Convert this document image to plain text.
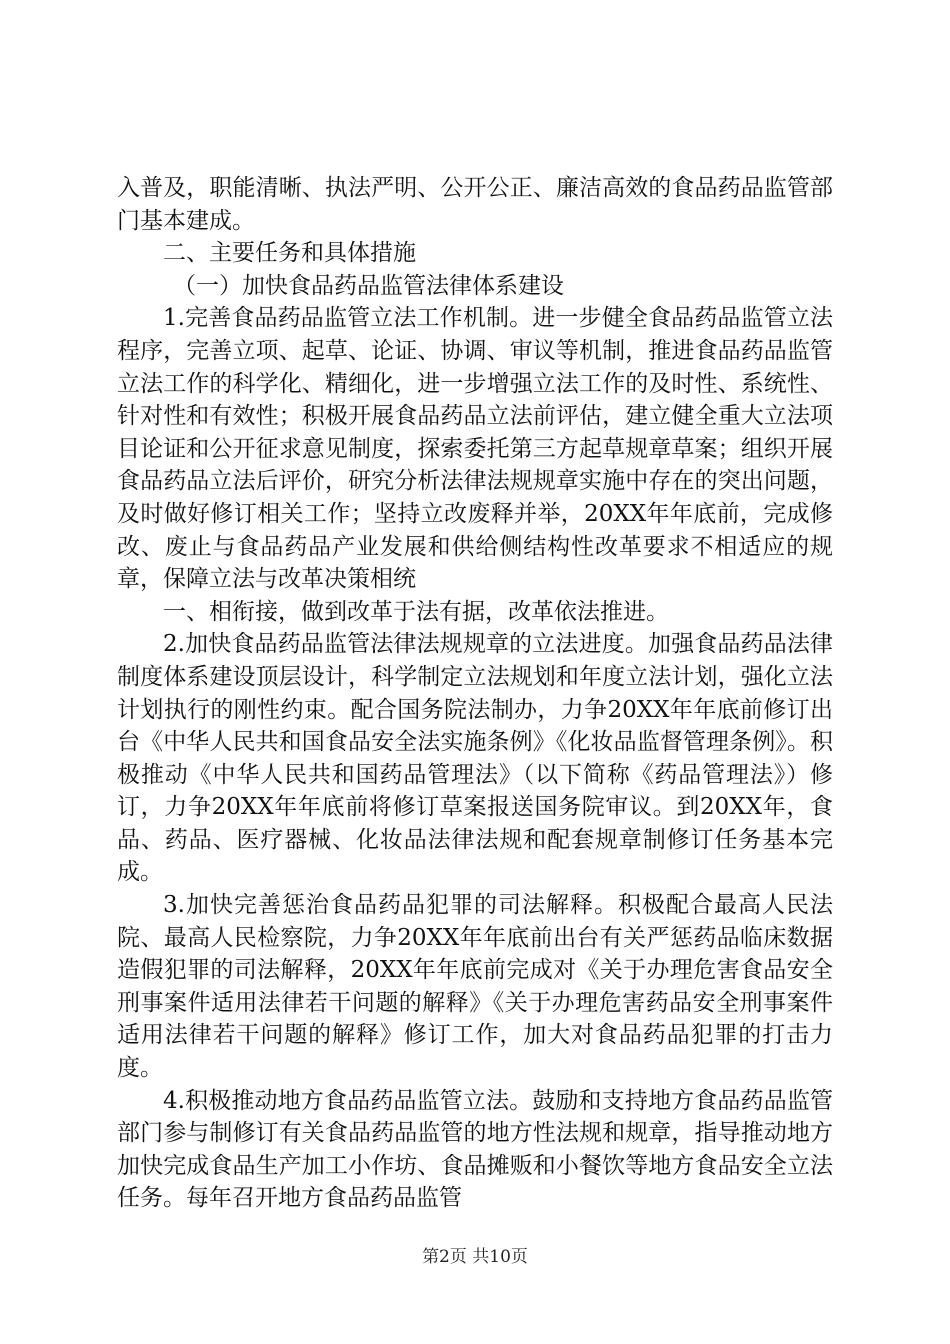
入普及，职能清晰、执法严明、公开公正、廉洁高效的食品药品监管部门基本建成。

二、主要任务和具体措施

（一）加快食品药品监管法律体系建设

1.完善食品药品监管立法工作机制。进一步健全食品药品监管立法程序，完善立项、起草、论证、协调、审议等机制，推进食品药品监管立法工作的科学化、精细化，进一步增强立法工作的及时性、系统性、针对性和有效性；积极开展食品药品立法前评估，建立健全重大立法项目论证和公开征求意见制度，探索委托第三方起草规章草案；组织开展食品药品立法后评价，研究分析法律法规规章实施中存在的突出问题，及时做好修订相关工作；坚持立改废释并举，20XX年年底前，完成修改、废止与食品药品产业发展和供给侧结构性改革要求不相适应的规章，保障立法与改革决策相统

一、相衔接，做到改革于法有据，改革依法推进。

2.加快食品药品监管法律法规规章的立法进度。加强食品药品法律制度体系建设顶层设计，科学制定立法规划和年度立法计划，强化立法计划执行的刚性约束。配合国务院法制办，力争20XX年年底前修订出台《中华人民共和国食品安全法实施条例》《化妆品监督管理条例》。积极推动《中华人民共和国药品管理法》（以下简称《药品管理法》）修订，力争20XX年年底前将修订草案报送国务院审议。到20XX年，食品、药品、医疗器械、化妆品法律法规和配套规章制修订任务基本完成。

3.加快完善惩治食品药品犯罪的司法解释。积极配合最高人民法院、最高人民检察院，力争20XX年年底前出台有关严惩药品临床数据造假犯罪的司法解释，20XX年年底前完成对《关于办理危害食品安全刑事案件适用法律若干问题的解释》《关于办理危害药品安全刑事案件适用法律若干问题的解释》修订工作，加大对食品药品犯罪的打击力度。

4.积极推动地方食品药品监管立法。鼓励和支持地方食品药品监管部门参与制修订有关食品药品监管的地方性法规和规章，指导推动地方加快完成食品生产加工小作坊、食品摊贩和小餐饮等地方食品安全立法任务。每年召开地方食品药品监管

第2页 共10页
